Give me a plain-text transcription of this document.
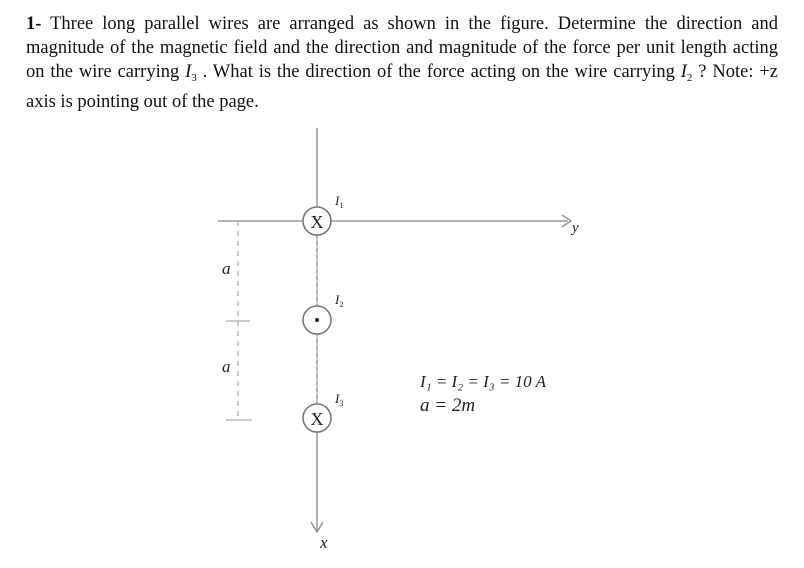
1- Three long parallel wires are arranged as shown in the figure. Determine the direction and magnitude of the magnetic field and the direction and magnitude of the force per unit length acting on the wire carrying $I_3$ . What is the direction of the force acting on the wire carrying $I_2$ ? Note: +z axis is pointing out of the page.

X
$I_1$
$I_2$
X
$I_3$
y
x
a
a
I₁ = I₂ = I₃ = 10 A
a = 2m
